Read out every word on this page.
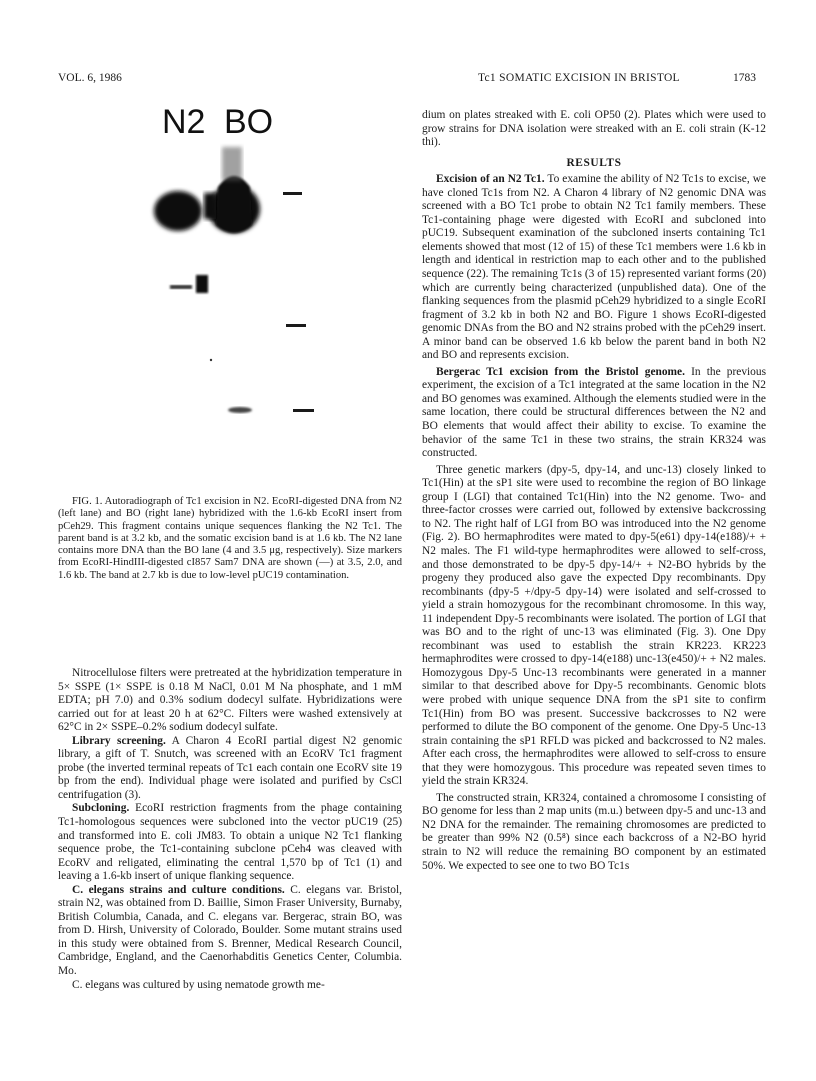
VOL. 6, 1986	Tc1 SOMATIC EXCISION IN BRISTOL	1783
N2 BO

FIG. 1. Autoradiograph of Tc1 excision in N2. EcoRI-digested DNA from N2 (left lane) and BO (right lane) hybridized with the 1.6-kb EcoRI insert from pCeh29. This fragment contains unique sequences flanking the N2 Tc1. The parent band is at 3.2 kb, and the somatic excision band is at 1.6 kb. The N2 lane contains more DNA than the BO lane (4 and 3.5 μg, respectively). Size markers from EcoRI-HindIII-digested cI857 Sam7 DNA are shown (—) at 3.5, 2.0, and 1.6 kb. The band at 2.7 kb is due to low-level pUC19 contamination.

Nitrocellulose filters were pretreated at the hybridization temperature in 5× SSPE (1× SSPE is 0.18 M NaCl, 0.01 M Na phosphate, and 1 mM EDTA; pH 7.0) and 0.3% sodium dodecyl sulfate. Hybridizations were carried out for at least 20 h at 62°C. Filters were washed extensively at 62°C in 2× SSPE–0.2% sodium dodecyl sulfate.

Library screening. A Charon 4 EcoRI partial digest N2 genomic library, a gift of T. Snutch, was screened with an EcoRV Tc1 fragment probe (the inverted terminal repeats of Tc1 each contain one EcoRV site 19 bp from the end). Individual phage were isolated and purified by CsCl centrifugation (3).

Subcloning. EcoRI restriction fragments from the phage containing Tc1-homologous sequences were subcloned into the vector pUC19 (25) and transformed into E. coli JM83. To obtain a unique N2 Tc1 flanking sequence probe, the Tc1-containing subclone pCeh4 was cleaved with EcoRV and religated, eliminating the central 1,570 bp of Tc1 (1) and leaving a 1.6-kb insert of unique flanking sequence.

C. elegans strains and culture conditions. C. elegans var. Bristol, strain N2, was obtained from D. Baillie, Simon Fraser University, Burnaby, British Columbia, Canada, and C. elegans var. Bergerac, strain BO, was from D. Hirsh, University of Colorado, Boulder. Some mutant strains used in this study were obtained from S. Brenner, Medical Research Council, Cambridge, England, and the Caenorhabditis Genetics Center, Columbia. Mo.

C. elegans was cultured by using nematode growth me-

dium on plates streaked with E. coli OP50 (2). Plates which were used to grow strains for DNA isolation were streaked with an E. coli strain (K-12 thi).

RESULTS

Excision of an N2 Tc1. To examine the ability of N2 Tc1s to excise, we have cloned Tc1s from N2. A Charon 4 library of N2 genomic DNA was screened with a BO Tc1 probe to obtain N2 Tc1 family members. These Tc1-containing phage were digested with EcoRI and subcloned into pUC19. Subsequent examination of the subcloned inserts containing Tc1 elements showed that most (12 of 15) of these Tc1 members were 1.6 kb in length and identical in restriction map to each other and to the published sequence (22). The remaining Tc1s (3 of 15) represented variant forms (20) which are currently being characterized (unpublished data). One of the flanking sequences from the plasmid pCeh29 hybridized to a single EcoRI fragment of 3.2 kb in both N2 and BO. Figure 1 shows EcoRI-digested genomic DNAs from the BO and N2 strains probed with the pCeh29 insert. A minor band can be observed 1.6 kb below the parent band in both N2 and BO and represents excision.

Bergerac Tc1 excision from the Bristol genome. In the previous experiment, the excision of a Tc1 integrated at the same location in the N2 and BO genomes was examined. Although the elements studied were in the same location, there could be structural differences between the N2 and BO elements that would affect their ability to excise. To examine the behavior of the same Tc1 in these two strains, the strain KR324 was constructed.

Three genetic markers (dpy-5, dpy-14, and unc-13) closely linked to Tc1(Hin) at the sP1 site were used to recombine the region of BO linkage group I (LGI) that contained Tc1(Hin) into the N2 genome. Two- and three-factor crosses were carried out, followed by extensive backcrossing to N2. The right half of LGI from BO was introduced into the N2 genome (Fig. 2). BO hermaphrodites were mated to dpy-5(e61) dpy-14(e188)/+ + N2 males. The F1 wild-type hermaphrodites were allowed to self-cross, and those demonstrated to be dpy-5 dpy-14/+ + N2-BO hybrids by the progeny they produced also gave the expected Dpy recombinants. Dpy recombinants (dpy-5 +/dpy-5 dpy-14) were isolated and self-crossed to yield a strain homozygous for the recombinant chromosome. In this way, 11 independent Dpy-5 recombinants were isolated. The portion of LGI that was BO and to the right of unc-13 was eliminated (Fig. 3). One Dpy recombinant was used to establish the strain KR223. KR223 hermaphrodites were crossed to dpy-14(e188) unc-13(e450)/+ + N2 males. Homozygous Dpy-5 Unc-13 recombinants were generated in a manner similar to that described above for Dpy-5 recombinants. Genomic blots were probed with unique sequence DNA from the sP1 site to confirm Tc1(Hin) from BO was present. Successive backcrosses to N2 were performed to dilute the BO component of the genome. One Dpy-5 Unc-13 strain containing the sP1 RFLD was picked and backcrossed to N2 males. After each cross, the hermaphrodites were allowed to self-cross to ensure that they were homozygous. This procedure was repeated seven times to yield the strain KR324.

The constructed strain, KR324, contained a chromosome I consisting of BO genome for less than 2 map units (m.u.) between dpy-5 and unc-13 and N2 DNA for the remainder. The remaining chromosomes are predicted to be greater than 99% N2 (0.5⁸) since each backcross of a N2-BO hyrid strain to N2 will reduce the remaining BO component by an estimated 50%. We expected to see one to two BO Tc1s
